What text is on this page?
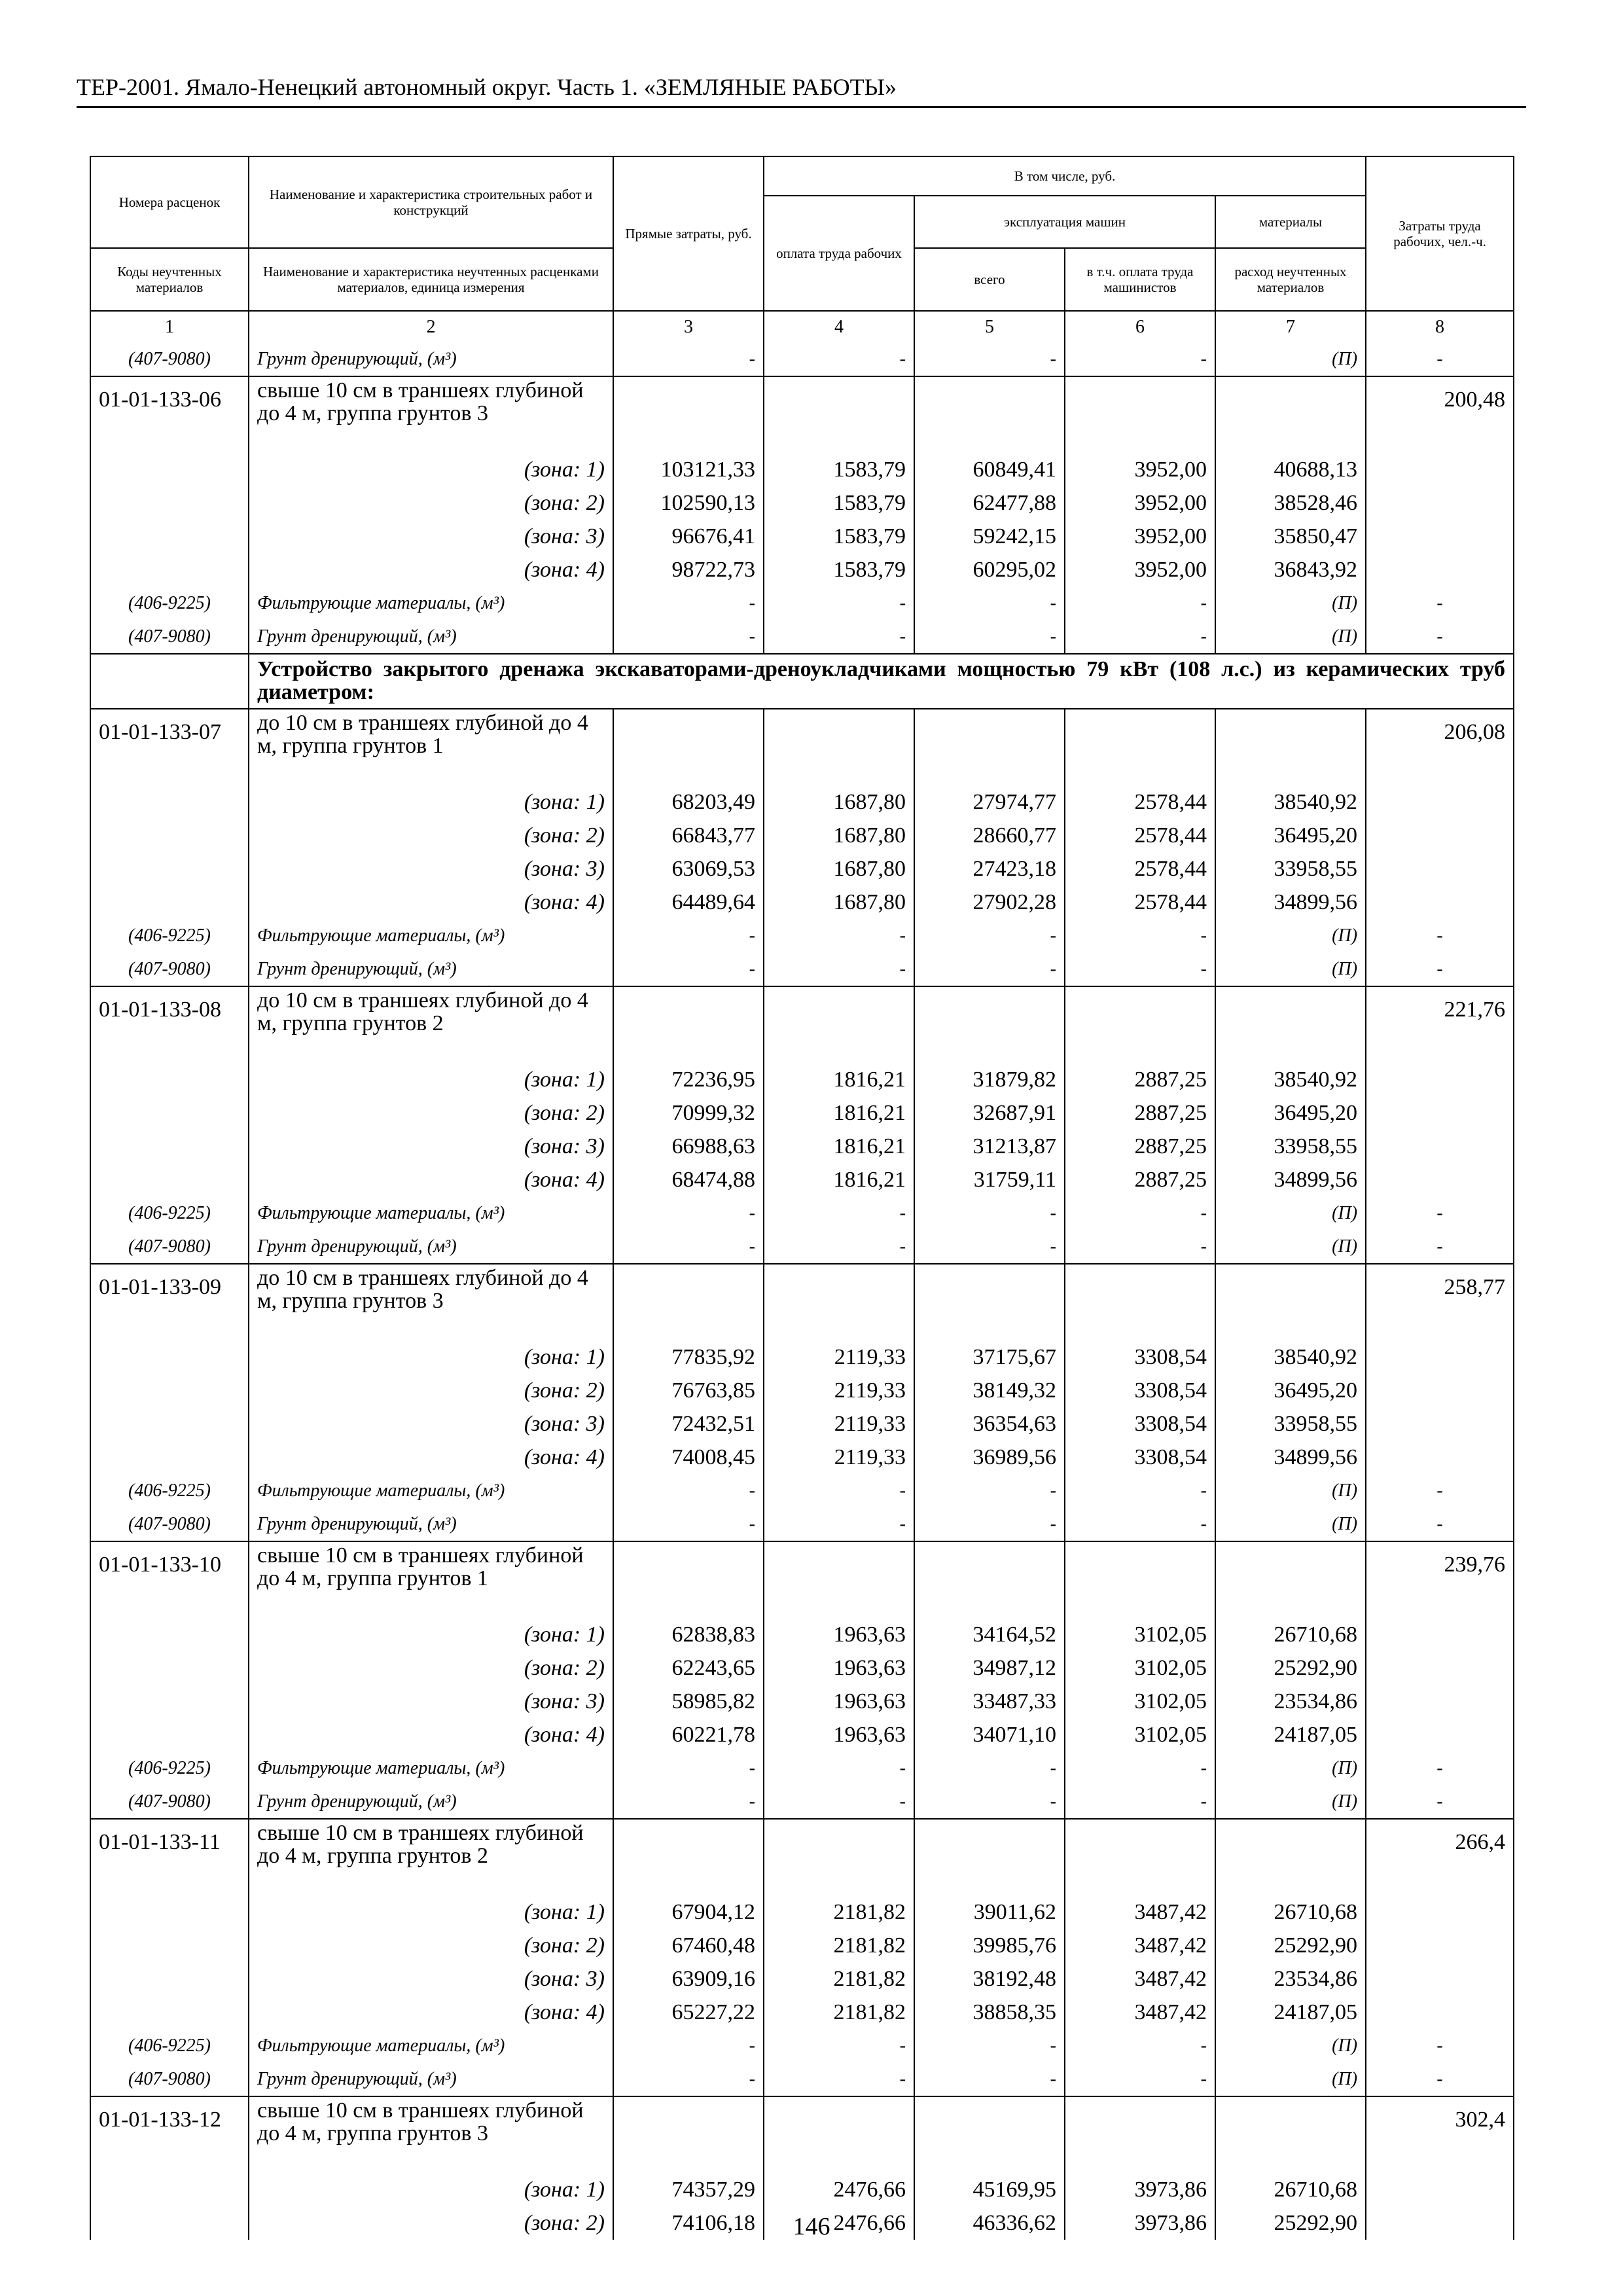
ТЕР-2001. Ямало-Ненецкий автономный округ. Часть 1. «ЗЕМЛЯНЫЕ РАБОТЫ»
Номера расценок	Наименование и характеристика строительных работ и конструкций	Прямые затраты, руб.	В том числе, руб.				Затраты труда рабочих, чел.-ч.
			оплата труда рабочих	эксплуатация машин		материалы	
Коды неучтенных материалов	Наименование и характеристика неучтенных расценками материалов, единица измерения			всего	в т.ч. оплата труда машинистов	расход неучтенных материалов	
1	2	3	4	5	6	7	8
(407-9080)	Грунт дренирующий, (м³)	-	-	-	-	(П)	-
01-01-133-06	свыше 10 см в траншеях глубиной до 4 м, группа грунтов 3						200,48
	(зона: 1)	103121,33	1583,79	60849,41	3952,00	40688,13	
	(зона: 2)	102590,13	1583,79	62477,88	3952,00	38528,46	
	(зона: 3)	96676,41	1583,79	59242,15	3952,00	35850,47	
	(зона: 4)	98722,73	1583,79	60295,02	3952,00	36843,92	
(406-9225)	Фильтрующие материалы, (м³)	-	-	-	-	(П)	-
(407-9080)	Грунт дренирующий, (м³)	-	-	-	-	(П)	-
	Устройство закрытого дренажа экскаваторами-дреноукладчиками мощностью 79 кВт (108 л.с.) из керамических труб диаметром:						
01-01-133-07	до 10 см в траншеях глубиной до 4 м, группа грунтов 1						206,08
	(зона: 1)	68203,49	1687,80	27974,77	2578,44	38540,92	
	(зона: 2)	66843,77	1687,80	28660,77	2578,44	36495,20	
	(зона: 3)	63069,53	1687,80	27423,18	2578,44	33958,55	
	(зона: 4)	64489,64	1687,80	27902,28	2578,44	34899,56	
(406-9225)	Фильтрующие материалы, (м³)	-	-	-	-	(П)	-
(407-9080)	Грунт дренирующий, (м³)	-	-	-	-	(П)	-
01-01-133-08	до 10 см в траншеях глубиной до 4 м, группа грунтов 2						221,76
	(зона: 1)	72236,95	1816,21	31879,82	2887,25	38540,92	
	(зона: 2)	70999,32	1816,21	32687,91	2887,25	36495,20	
	(зона: 3)	66988,63	1816,21	31213,87	2887,25	33958,55	
	(зона: 4)	68474,88	1816,21	31759,11	2887,25	34899,56	
(406-9225)	Фильтрующие материалы, (м³)	-	-	-	-	(П)	-
(407-9080)	Грунт дренирующий, (м³)	-	-	-	-	(П)	-
01-01-133-09	до 10 см в траншеях глубиной до 4 м, группа грунтов 3						258,77
	(зона: 1)	77835,92	2119,33	37175,67	3308,54	38540,92	
	(зона: 2)	76763,85	2119,33	38149,32	3308,54	36495,20	
	(зона: 3)	72432,51	2119,33	36354,63	3308,54	33958,55	
	(зона: 4)	74008,45	2119,33	36989,56	3308,54	34899,56	
(406-9225)	Фильтрующие материалы, (м³)	-	-	-	-	(П)	-
(407-9080)	Грунт дренирующий, (м³)	-	-	-	-	(П)	-
01-01-133-10	свыше 10 см в траншеях глубиной до 4 м, группа грунтов 1						239,76
	(зона: 1)	62838,83	1963,63	34164,52	3102,05	26710,68	
	(зона: 2)	62243,65	1963,63	34987,12	3102,05	25292,90	
	(зона: 3)	58985,82	1963,63	33487,33	3102,05	23534,86	
	(зона: 4)	60221,78	1963,63	34071,10	3102,05	24187,05	
(406-9225)	Фильтрующие материалы, (м³)	-	-	-	-	(П)	-
(407-9080)	Грунт дренирующий, (м³)	-	-	-	-	(П)	-
01-01-133-11	свыше 10 см в траншеях глубиной до 4 м, группа грунтов 2						266,4
	(зона: 1)	67904,12	2181,82	39011,62	3487,42	26710,68	
	(зона: 2)	67460,48	2181,82	39985,76	3487,42	25292,90	
	(зона: 3)	63909,16	2181,82	38192,48	3487,42	23534,86	
	(зона: 4)	65227,22	2181,82	38858,35	3487,42	24187,05	
(406-9225)	Фильтрующие материалы, (м³)	-	-	-	-	(П)	-
(407-9080)	Грунт дренирующий, (м³)	-	-	-	-	(П)	-
01-01-133-12	свыше 10 см в траншеях глубиной до 4 м, группа грунтов 3						302,4
	(зона: 1)	74357,29	2476,66	45169,95	3973,86	26710,68	
	(зона: 2)	74106,18	2476,66	46336,62	3973,86	25292,90	
146
